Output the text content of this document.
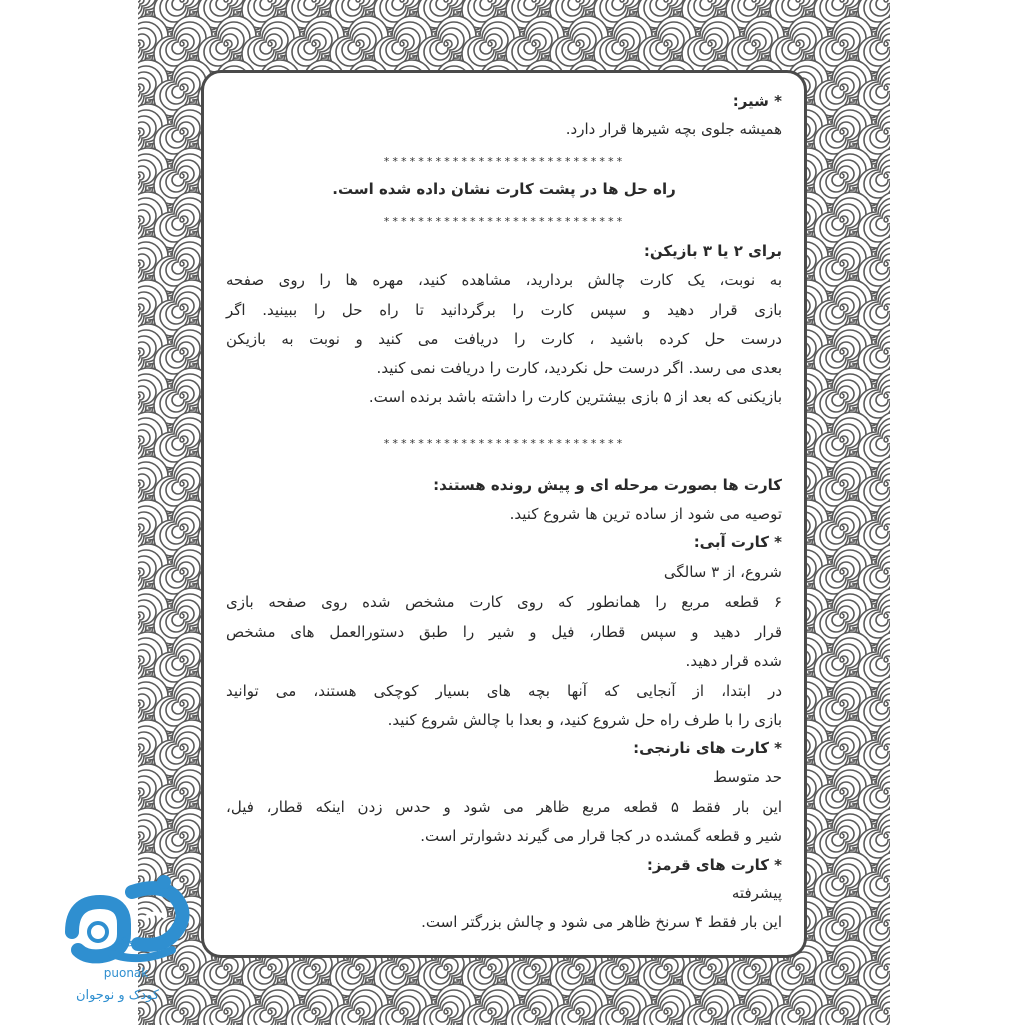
* شیر:
همیشه جلوی بچه شیرها قرار دارد.
****************************
راه حل ها در پشت کارت نشان داده شده است.
****************************
برای ۲ یا ۳ بازیکن:
به نوبت، یک کارت چالش بردارید، مشاهده کنید، مهره ها را روی صفحه
بازی قرار دهید و سپس کارت را برگردانید تا راه حل را ببینید. اگر
درست حل کرده باشید ، کارت را دریافت می کنید و نوبت به بازیکن
بعدی می رسد. اگر درست حل نکردید، کارت را دریافت نمی کنید.
بازیکنی که بعد از ۵ بازی بیشترین کارت را داشته باشد برنده است.
****************************
کارت ها بصورت مرحله ای و پیش رونده هستند:
توصیه می شود از ساده ترین ها شروع کنید.
* کارت آبی:
شروع، از ۳ سالگی
۶ قطعه مربع را همانطور که روی کارت مشخص شده روی صفحه بازی
قرار دهید و سپس قطار، فیل و شیر را طبق دستورالعمل های مشخص
شده قرار دهید.
در ابتدا، از آنجایی که آنها بچه های بسیار کوچکی هستند، می توانید
بازی را با طرف راه حل شروع کنید، و بعدا با چالش شروع کنید.
* کارت های نارنجی:
حد متوسط
این بار فقط ۵ قطعه مربع ظاهر می شود و حدس زدن اینکه قطار، فیل،
شیر و قطعه گمشده در کجا قرار می گیرند دشوارتر است.
* کارت های قرمز:
پیشرفته
این بار فقط ۴ سرنخ ظاهر می شود و چالش بزرگتر است.
پونک
puonak
کودک و نوجوان
